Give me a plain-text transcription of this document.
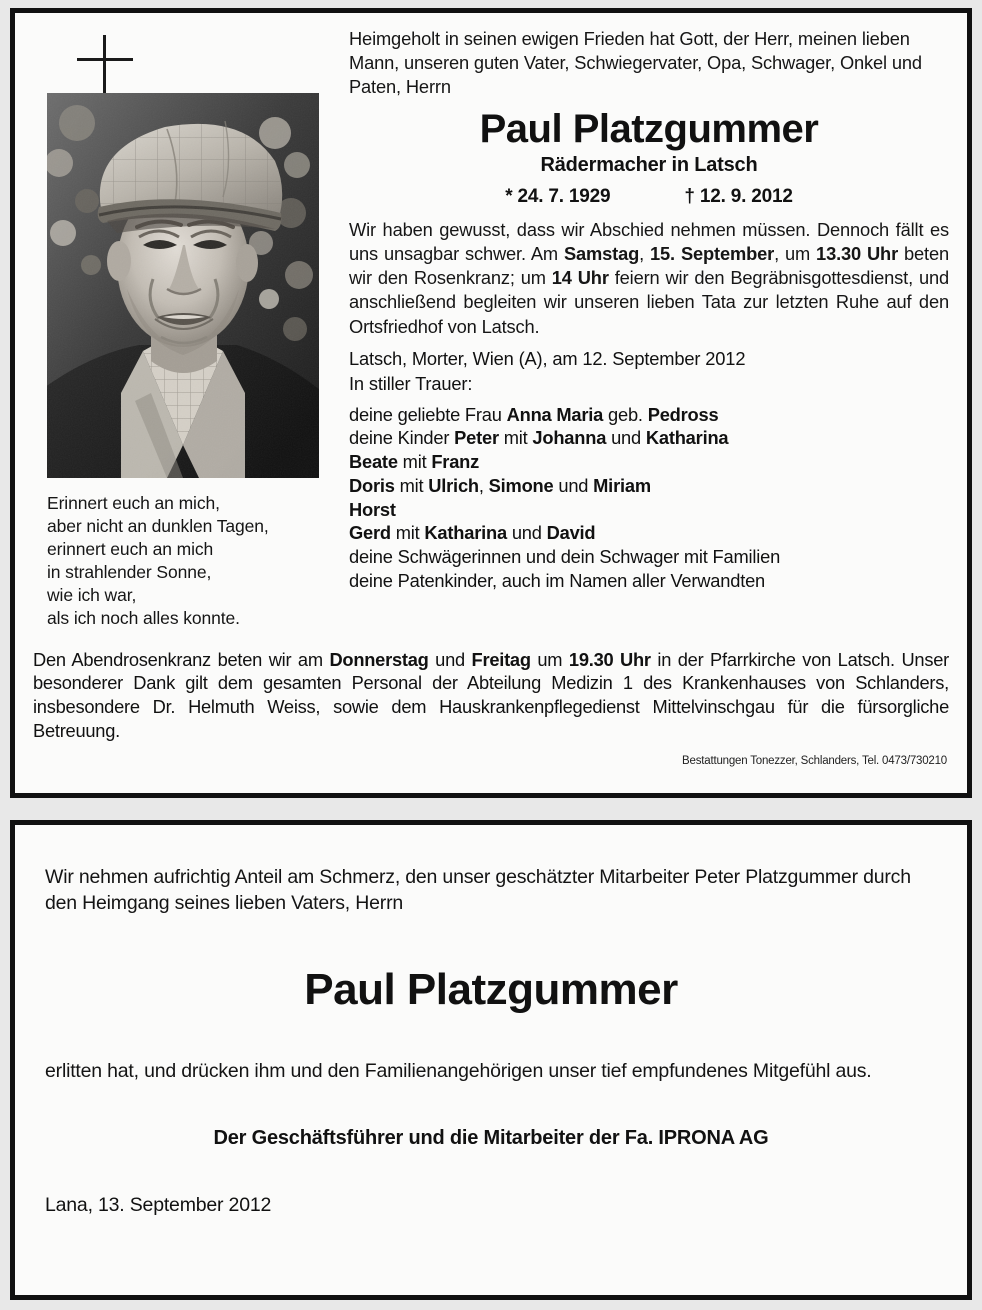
Erinnert euch an mich,
aber nicht an dunklen Tagen,
erinnert euch an mich
in strahlender Sonne,
wie ich war,
als ich noch alles konnte.
Heimgeholt in seinen ewigen Frieden hat Gott, der Herr, meinen lieben Mann, unseren guten Vater, Schwiegervater, Opa, Schwager, Onkel und Paten, Herrn
Paul Platzgummer
Rädermacher in Latsch
* 24. 7. 1929	† 12. 9. 2012
Wir haben gewusst, dass wir Abschied nehmen müssen. Dennoch fällt es uns unsagbar schwer. Am Samstag, 15. September, um 13.30 Uhr beten wir den Rosenkranz; um 14 Uhr feiern wir den Begräbnisgottesdienst, und anschließend begleiten wir unseren lieben Tata zur letzten Ruhe auf den Ortsfriedhof von Latsch.
Latsch, Morter, Wien (A), am 12. September 2012
In stiller Trauer:
deine geliebte Frau Anna Maria geb. Pedross
deine Kinder Peter mit Johanna und Katharina
Beate mit Franz
Doris mit Ulrich, Simone und Miriam
Horst
Gerd mit Katharina und David
deine Schwägerinnen und dein Schwager mit Familien
deine Patenkinder, auch im Namen aller Verwandten
Den Abendrosenkranz beten wir am Donnerstag und Freitag um 19.30 Uhr in der Pfarrkirche von Latsch. Unser besonderer Dank gilt dem gesamten Personal der Abteilung Medizin 1 des Krankenhauses von Schlanders, insbesondere Dr. Helmuth Weiss, sowie dem Hauskrankenpflegedienst Mittelvinschgau für die fürsorgliche Betreuung.
Bestattungen Tonezzer, Schlanders, Tel. 0473/730210
Wir nehmen aufrichtig Anteil am Schmerz, den unser geschätzter Mitarbeiter Peter Platzgummer durch den Heimgang seines lieben Vaters, Herrn
Paul Platzgummer
erlitten hat, und drücken ihm und den Familienangehörigen unser tief empfundenes Mitgefühl aus.
Der Geschäftsführer und die Mitarbeiter der Fa. IPRONA AG
Lana, 13. September 2012
